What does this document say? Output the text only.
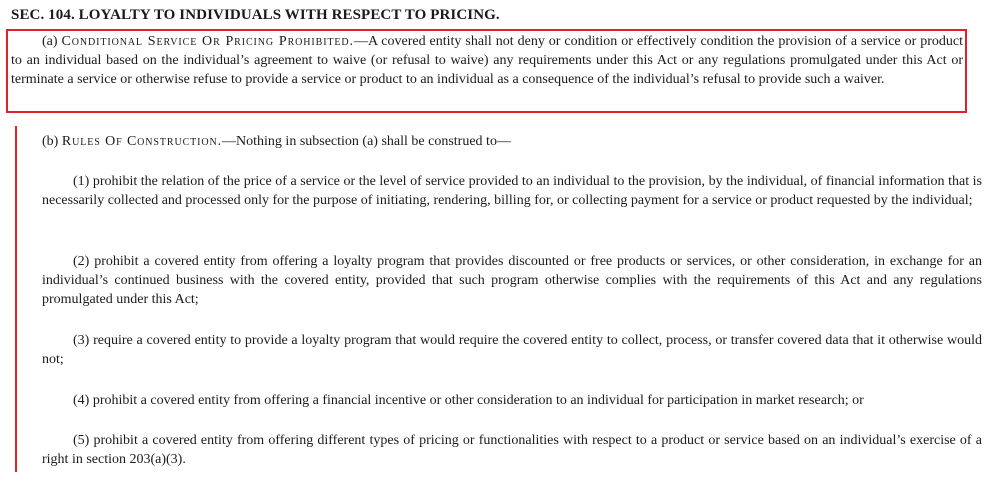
SEC. 104. LOYALTY TO INDIVIDUALS WITH RESPECT TO PRICING.
(a) Conditional Service Or Pricing Prohibited.—A covered entity shall not deny or condition or effectively condition the provision of a service or product to an individual based on the individual’s agreement to waive (or refusal to waive) any requirements under this Act or any regulations promulgated under this Act or terminate a service or otherwise refuse to provide a service or product to an individual as a consequence of the individual’s refusal to provide such a waiver.
(b) Rules Of Construction.—Nothing in subsection (a) shall be construed to—
(1) prohibit the relation of the price of a service or the level of service provided to an individual to the provision, by the individual, of financial information that is necessarily collected and processed only for the purpose of initiating, rendering, billing for, or collecting payment for a service or product requested by the individual;
(2) prohibit a covered entity from offering a loyalty program that provides discounted or free products or services, or other consideration, in exchange for an individual’s continued business with the covered entity, provided that such program otherwise complies with the requirements of this Act and any regulations promulgated under this Act;
(3) require a covered entity to provide a loyalty program that would require the covered entity to collect, process, or transfer covered data that it otherwise would not;
(4) prohibit a covered entity from offering a financial incentive or other consideration to an individual for participation in market research; or
(5) prohibit a covered entity from offering different types of pricing or functionalities with respect to a product or service based on an individual’s exercise of a right in section 203(a)(3).
